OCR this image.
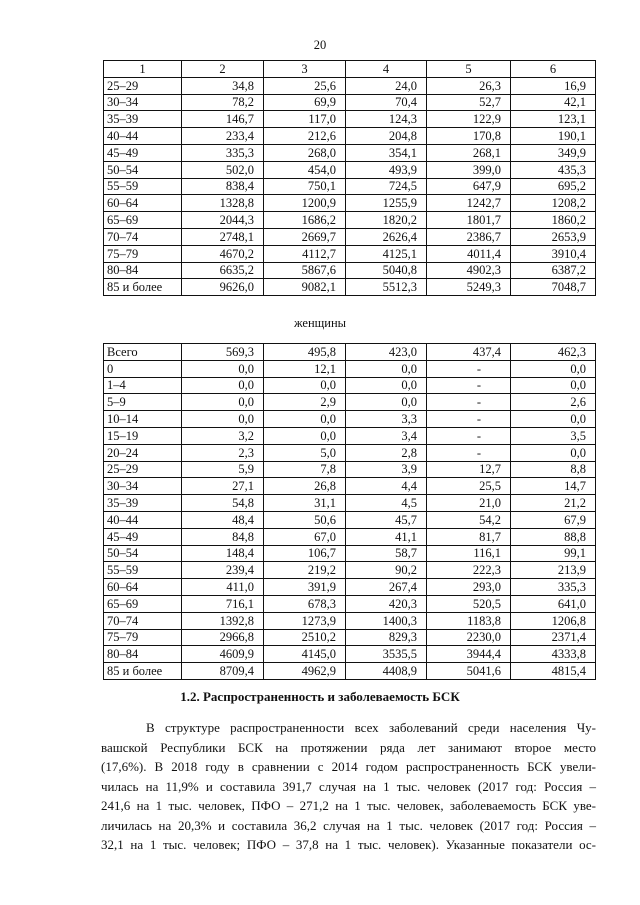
20
1	2	3	4	5	6
25–29	34,8	25,6	24,0	26,3	16,9
30–34	78,2	69,9	70,4	52,7	42,1
35–39	146,7	117,0	124,3	122,9	123,1
40–44	233,4	212,6	204,8	170,8	190,1
45–49	335,3	268,0	354,1	268,1	349,9
50–54	502,0	454,0	493,9	399,0	435,3
55–59	838,4	750,1	724,5	647,9	695,2
60–64	1328,8	1200,9	1255,9	1242,7	1208,2
65–69	2044,3	1686,2	1820,2	1801,7	1860,2
70–74	2748,1	2669,7	2626,4	2386,7	2653,9
75–79	4670,2	4112,7	4125,1	4011,4	3910,4
80–84	6635,2	5867,6	5040,8	4902,3	6387,2
85 и более	9626,0	9082,1	5512,3	5249,3	7048,7
женщины
Всего	569,3	495,8	423,0	437,4	462,3
0	0,0	12,1	0,0	-	0,0
1–4	0,0	0,0	0,0	-	0,0
5–9	0,0	2,9	0,0	-	2,6
10–14	0,0	0,0	3,3	-	0,0
15–19	3,2	0,0	3,4	-	3,5
20–24	2,3	5,0	2,8	-	0,0
25–29	5,9	7,8	3,9	12,7	8,8
30–34	27,1	26,8	4,4	25,5	14,7
35–39	54,8	31,1	4,5	21,0	21,2
40–44	48,4	50,6	45,7	54,2	67,9
45–49	84,8	67,0	41,1	81,7	88,8
50–54	148,4	106,7	58,7	116,1	99,1
55–59	239,4	219,2	90,2	222,3	213,9
60–64	411,0	391,9	267,4	293,0	335,3
65–69	716,1	678,3	420,3	520,5	641,0
70–74	1392,8	1273,9	1400,3	1183,8	1206,8
75–79	2966,8	2510,2	829,3	2230,0	2371,4
80–84	4609,9	4145,0	3535,5	3944,4	4333,8
85 и более	8709,4	4962,9	4408,9	5041,6	4815,4
1.2. Распространенность и заболеваемость БСК
В структуре распространенности всех заболеваний среди населения Чу-
вашской Республики БСК на протяжении ряда лет занимают второе место
(17,6%). В 2018 году в сравнении с 2014 годом распространенность БСК увели-
чилась на 11,9% и составила 391,7 случая на 1 тыс. человек (2017 год: Россия –
241,6 на 1 тыс. человек, ПФО – 271,2 на 1 тыс. человек, заболеваемость БСК уве-
личилась на 20,3% и составила 36,2 случая на 1 тыс. человек (2017 год: Россия –
32,1 на 1 тыс. человек; ПФО – 37,8 на 1 тыс. человек). Указанные показатели ос-
